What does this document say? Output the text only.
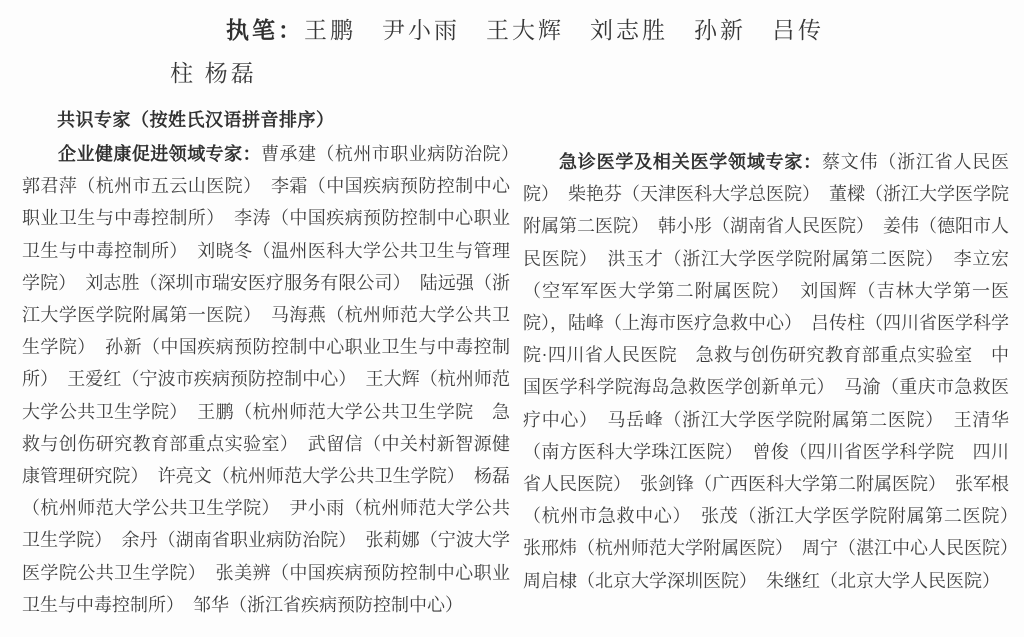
执笔：王鹏　尹小雨　王大辉　刘志胜　孙新　吕传
柱 杨磊
共识专家（按姓氏汉语拼音排序）

企业健康促进领域专家：曹承建（杭州市职业病防治院）　郭君萍（杭州市五云山医院）　 李霜（中国疾病预防控制中心职业卫生与中毒控制所）　 李涛（中国疾病预防控制中心职业卫生与中毒控制所）　 刘晓冬（温州医科大学公共卫生与管理学院）　 刘志胜（深圳市瑞安医疗服务有限公司）　 陆远强（浙江大学医学院附属第一医院）　 马海燕（杭州师范大学公共卫生学院）　 孙新（中国疾病预防控制中心职业卫生与中毒控制所）　 王爱红（宁波市疾病预防控制中心）　 王大辉（杭州师范大学公共卫生学院）　 王鹏（杭州师范大学公共卫生学院　急救与创伤研究教育部重点实验室）　 武留信（中关村新智源健康管理研究院）　 许亮文（杭州师范大学公共卫生学院）　 杨磊（杭州师范大学公共卫生学院）　 尹小雨（杭州师范大学公共卫生学院）　 余丹（湖南省职业病防治院）　 张莉娜（宁波大学医学院公共卫生学院）　 张美辨（中国疾病预防控制中心职业卫生与中毒控制所）　 邹华（浙江省疾病预防控制中心）

急诊医学及相关医学领域专家：蔡文伟（浙江省人民医院）　 柴艳芬（天津医科大学总医院）　 董樑（浙江大学医学院附属第二医院）　 韩小彤（湖南省人民医院）　 姜伟（德阳市人民医院）　 洪玉才（浙江大学医学院附属第二医院）　 李立宏（空军军医大学第二附属医院）　 刘国辉（吉林大学第一医院），陆峰（上海市医疗急救中心）　 吕传柱（四川省医学科学院·四川省人民医院　急救与创伤研究教育部重点实验室　中国医学科学院海岛急救医学创新单元）　 马渝（重庆市急救医疗中心）　 马岳峰（浙江大学医学院附属第二医院）　 王清华（南方医科大学珠江医院）　 曾俊（四川省医学科学院　四川省人民医院）　 张剑锋（广西医科大学第二附属医院）　 张军根（杭州市急救中心）　 张茂（浙江大学医学院附属第二医院）　张邢炜（杭州师范大学附属医院）　 周宁（湛江中心人民医院）　周启棣（北京大学深圳医院）　 朱继红（北京大学人民医院）
